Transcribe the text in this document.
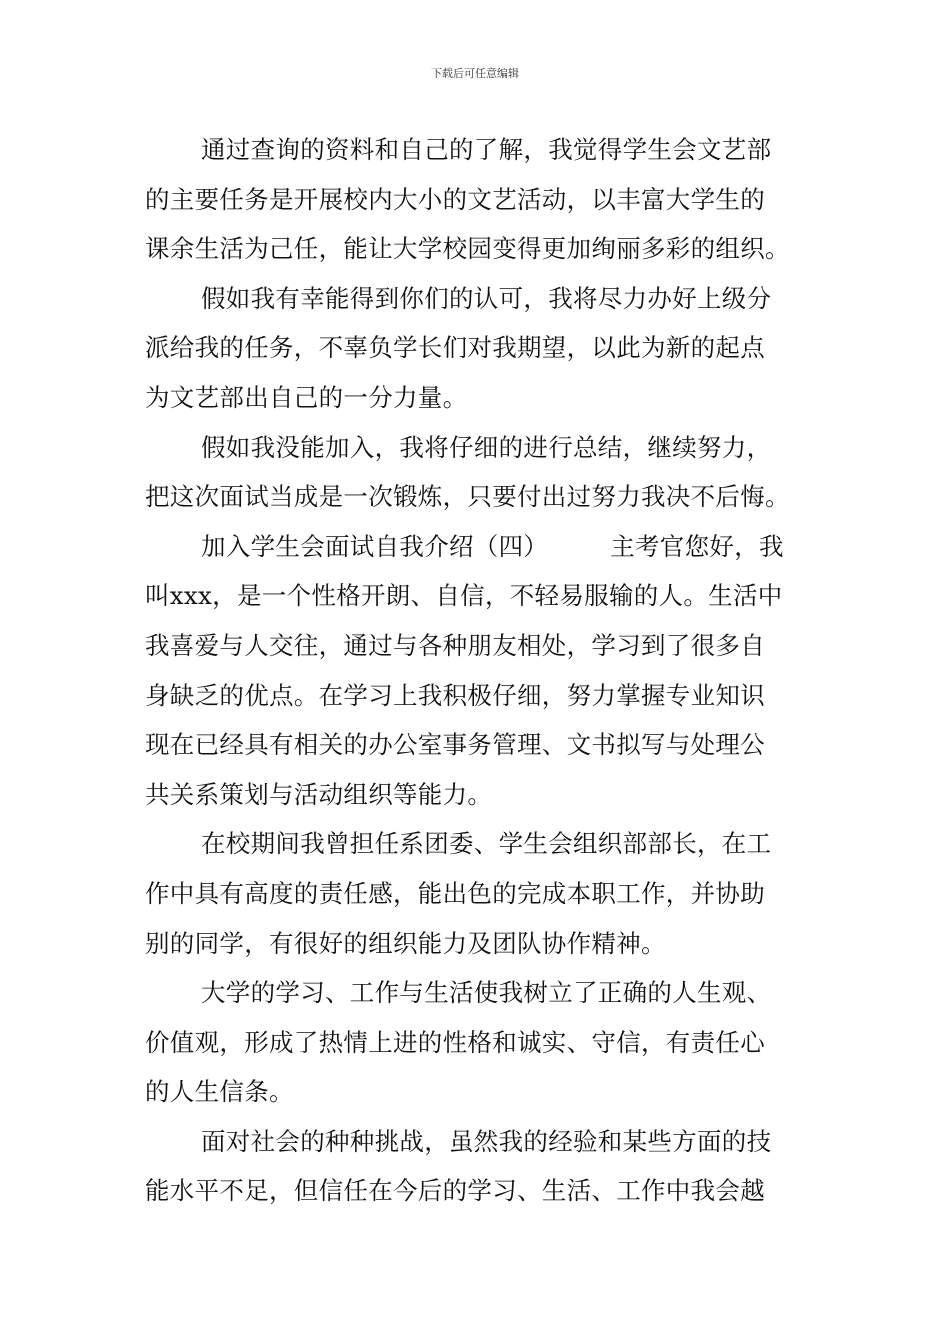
下载后可任意编辑
通过查询的资料和自己的了解，我觉得学生会文艺部
的主要任务是开展校内大小的文艺活动，以丰富大学生的
课余生活为己任，能让大学校园变得更加绚丽多彩的组织。
假如我有幸能得到你们的认可，我将尽力办好上级分
派给我的任务，不辜负学长们对我期望，以此为新的起点
为文艺部出自己的一分力量。
假如我没能加入，我将仔细的进行总结，继续努力，
把这次面试当成是一次锻炼，只要付出过努力我决不后悔。
加入学生会面试自我介绍（四）	主考官您好，我
叫xxx，是一个性格开朗、自信，不轻易服输的人。生活中
我喜爱与人交往，通过与各种朋友相处，学习到了很多自
身缺乏的优点。在学习上我积极仔细，努力掌握专业知识
现在已经具有相关的办公室事务管理、文书拟写与处理公
共关系策划与活动组织等能力。
在校期间我曾担任系团委、学生会组织部部长，在工
作中具有高度的责任感，能出色的完成本职工作，并协助
别的同学，有很好的组织能力及团队协作精神。
大学的学习、工作与生活使我树立了正确的人生观、
价值观，形成了热情上进的性格和诚实、守信，有责任心
的人生信条。
面对社会的种种挑战，虽然我的经验和某些方面的技
能水平不足，但信任在今后的学习、生活、工作中我会越
